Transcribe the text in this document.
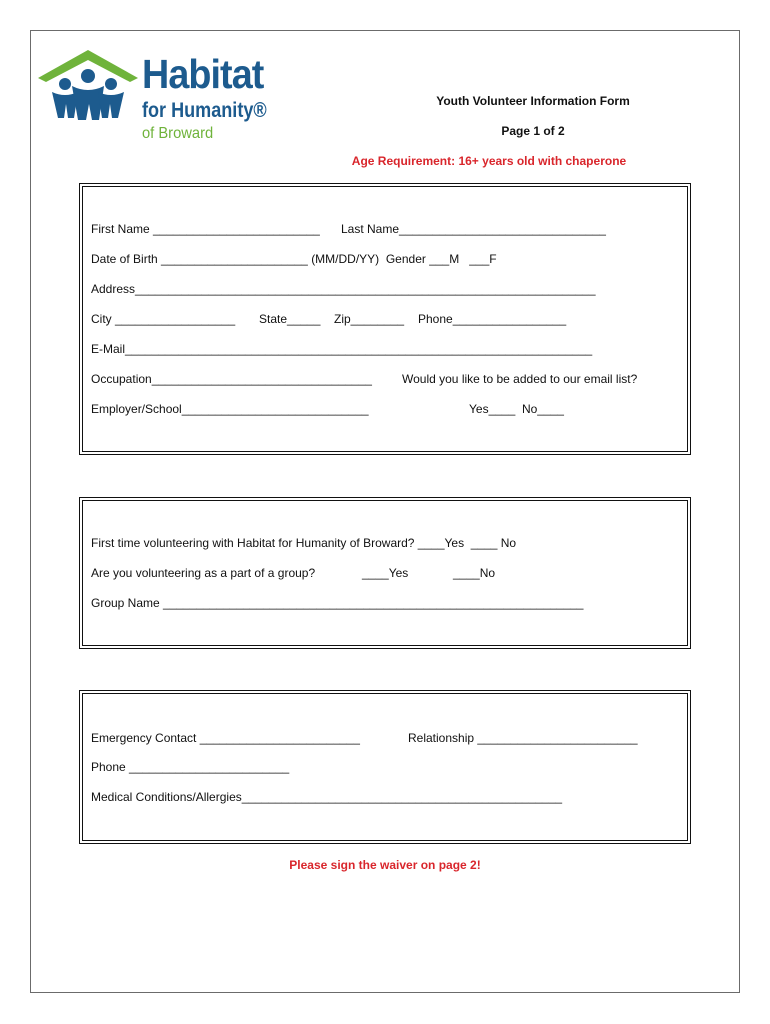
Habitat
for Humanity®
of Broward
Youth Volunteer Information Form
Page 1 of 2
Age Requirement: 16+ years old with chaperone
First Name _________________________ Last Name_______________________________
Date of Birth ______________________ (MM/DD/YY)  Gender ___M   ___F
Address_____________________________________________________________________
City __________________ State_____ Zip________ Phone_________________
E-Mail______________________________________________________________________
Occupation_________________________________	Would you like to be added to our email list?
Employer/School____________________________	Yes____  No____
First time volunteering with Habitat for Humanity of Broward? ____Yes  ____ No
Are you volunteering as a part of a group?	____Yes	____No
Group Name _______________________________________________________________
Emergency Contact ________________________	Relationship ________________________
Phone ________________________
Medical Conditions/Allergies________________________________________________
Please sign the waiver on page 2!
